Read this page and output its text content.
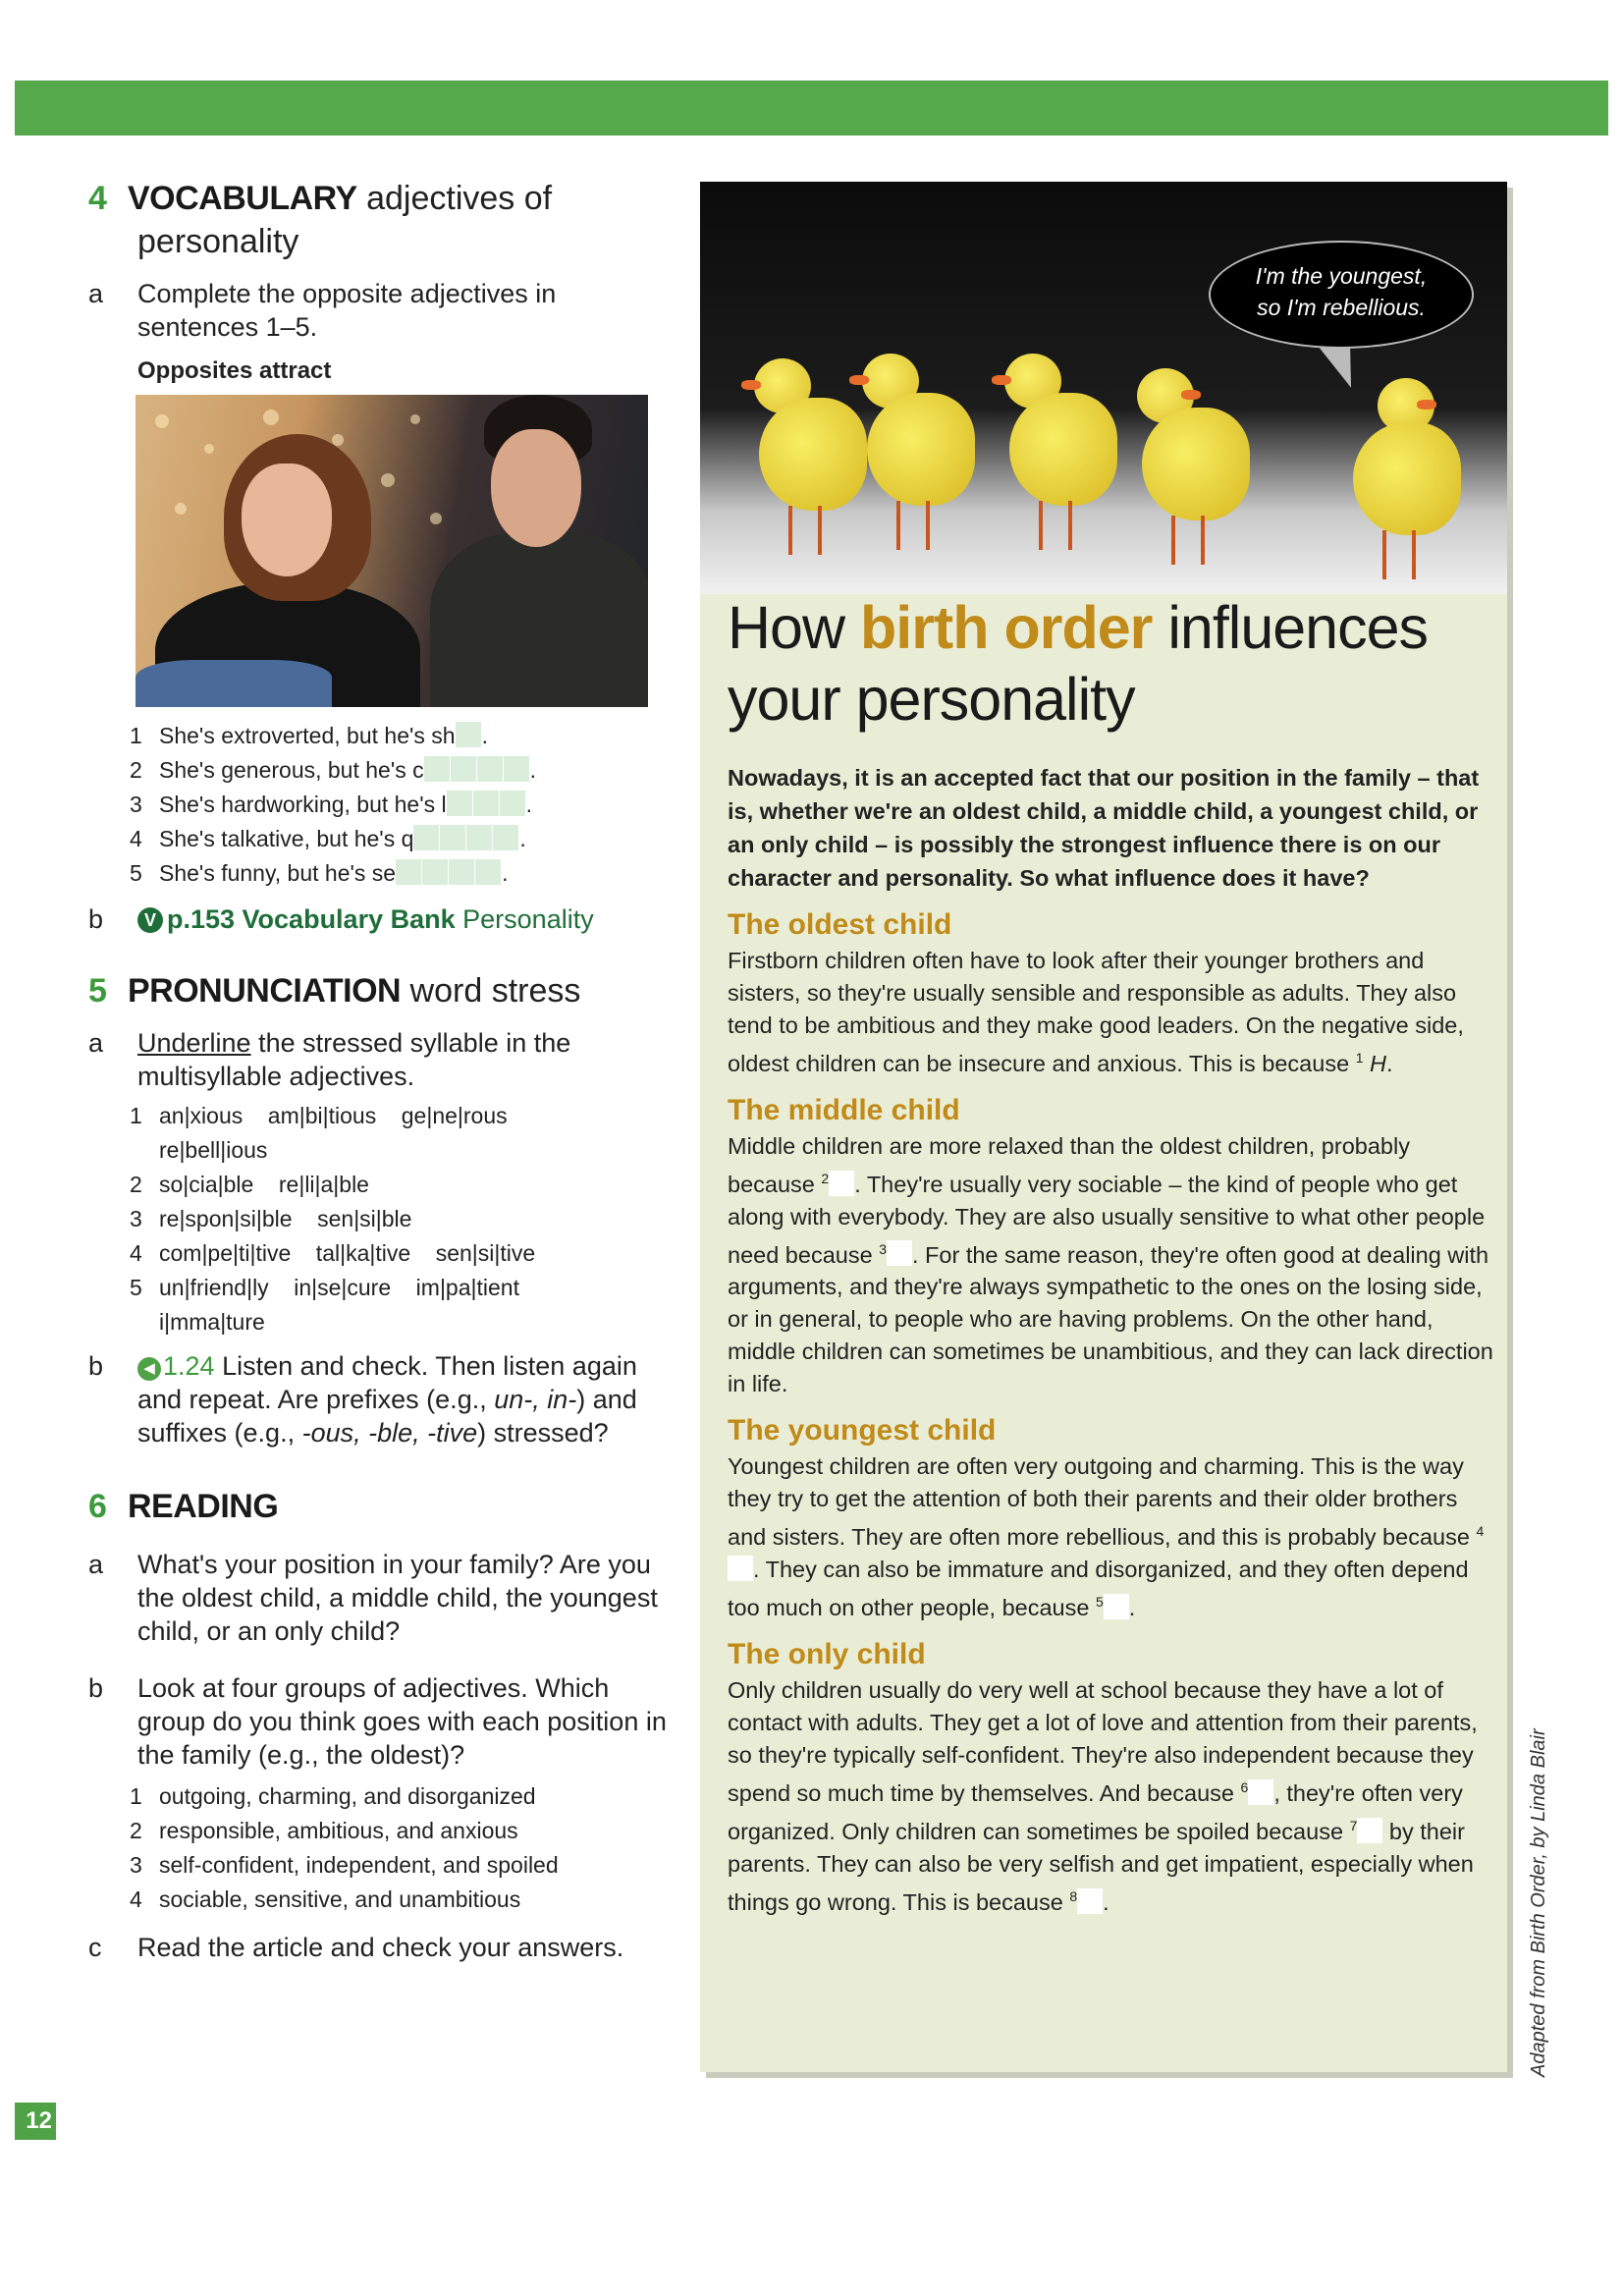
4 VOCABULARY adjectives of
personality
a Complete the opposite adjectives in sentences 1–5.
Opposites attract
1 She's extroverted, but he's sh .
2 She's generous, but he's c	.
3 She's hardworking, but he's l	.
4 She's talkative, but he's q	.
5 She's funny, but he's se	.
b V p.153 Vocabulary Bank Personality
5 PRONUNCIATION word stress
a Underline the stressed syllable in the multisyllable adjectives.
1 an|xious    am|bi|tious    ge|ne|rous
re|bell|ious
2 so|cia|ble    re|li|a|ble
3 re|spon|si|ble    sen|si|ble
4 com|pe|ti|tive    tal|ka|tive    sen|si|tive
5 un|friend|ly    in|se|cure    im|pa|tient
i|mma|ture
b	◀ 1.24 Listen and check. Then listen again and repeat. Are prefixes (e.g., un-, in-) and suffixes (e.g., -ous, -ble, -tive) stressed?
6 READING
a What's your position in your family? Are you the oldest child, a middle child, the youngest child, or an only child?
b Look at four groups of adjectives. Which group do you think goes with each position in the family (e.g., the oldest)?
1 outgoing, charming, and disorganized
2 responsible, ambitious, and anxious
3 self-confident, independent, and spoiled
4 sociable, sensitive, and unambitious
c Read the article and check your answers.
I'm the youngest,
so I'm rebellious.
How birth order influences
your personality

Nowadays, it is an accepted fact that our position in the family – that is, whether we're an oldest child, a middle child, a youngest child, or an only child – is possibly the strongest influence there is on our character and personality. So what influence does it have?

The oldest child

Firstborn children often have to look after their younger brothers and sisters, so they're usually sensible and responsible as adults. They also tend to be ambitious and they make good leaders. On the negative side, oldest children can be insecure and anxious. This is because $^1$ H.

The middle child

Middle children are more relaxed than the oldest children, probably because $^2$ . They're usually very sociable – the kind of people who get along with everybody. They are also usually sensitive to what other people need because $^3$ . For the same reason, they're often good at dealing with arguments, and they're always sympathetic to the ones on the losing side, or in general, to people who are having problems. On the other hand, middle children can sometimes be unambitious, and they can lack direction in life.

The youngest child

Youngest children are often very outgoing and charming. This is the way they try to get the attention of both their parents and their older brothers and sisters. They are often more rebellious, and this is probably because $^4$. They can also be immature and disorganized, and they often depend too much on other people, because $^5$ .

The only child

Only children usually do very well at school because they have a lot of contact with adults. They get a lot of love and attention from their parents, so they're typically self-confident. They're also independent because they spend so much time by themselves. And because $^6$ , they're often very organized. Only children can sometimes be spoiled because $^7$ by their parents. They can also be very selfish and get impatient, especially when things go wrong. This is because $^8$ .	Adapted from Birth Order, by Linda Blair
12
